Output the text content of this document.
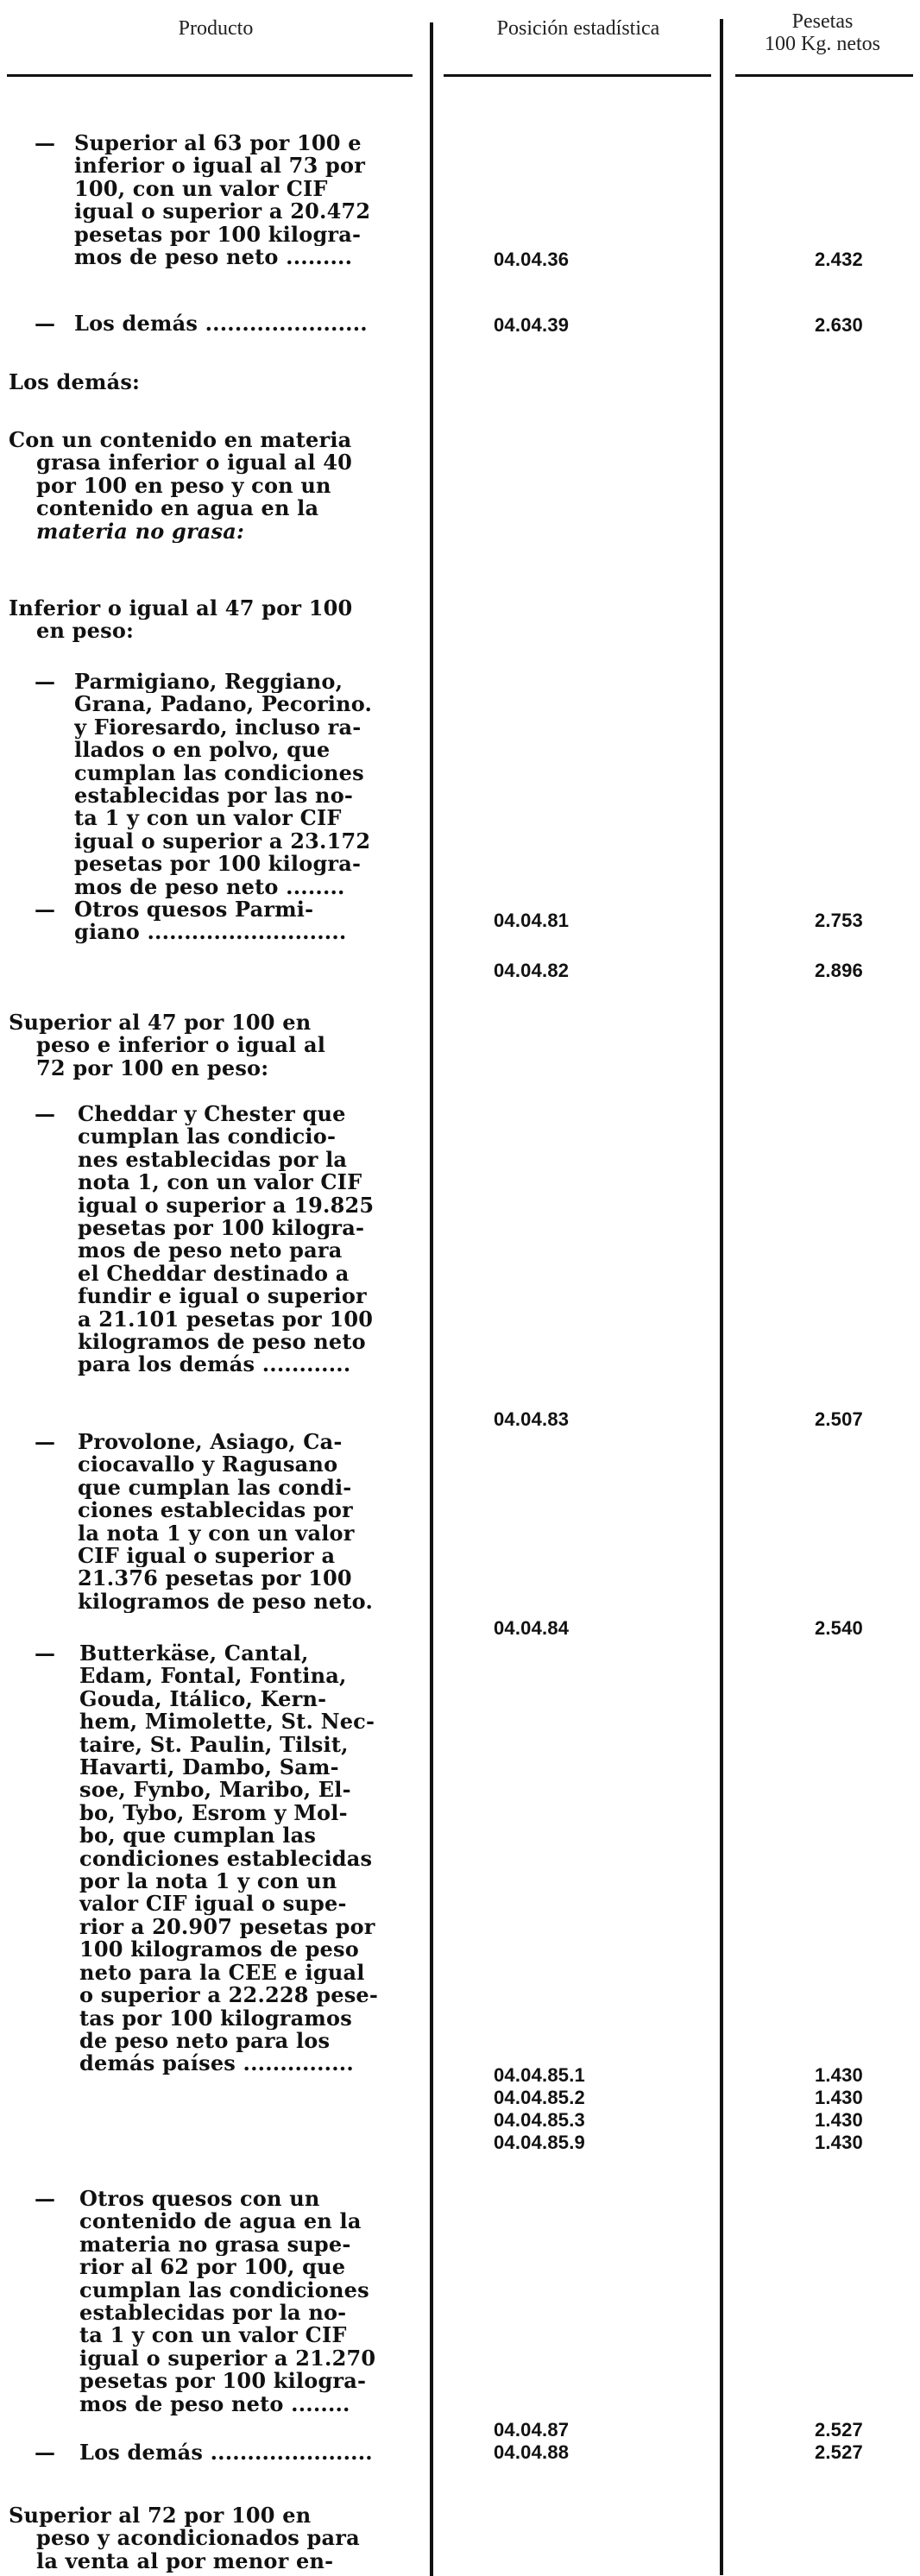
Producto	Posición estadística	Pesetas
100 Kg. netos
— Superior al 63 por 100 e
inferior o igual al 73 por
100, con un valor CIF
igual o superior a 20.472
pesetas por 100 kilogra-
mos de peso neto .........	04.04.36	2.432
— Los demás ......................	04.04.39	2.630
Los demás:
Con un contenido en materia
grasa inferior o igual al 40
por 100 en peso y con un
contenido en agua en la
materia no grasa:
Inferior o igual al 47 por 100
en peso:
— Parmigiano, Reggiano,
Grana, Padano, Pecorino.
y Fioresardo, incluso ra-
llados o en polvo, que
cumplan las condiciones
establecidas por las no-
ta 1 y con un valor CIF
igual o superior a 23.172
pesetas por 100 kilogra-
mos de peso neto ........
04.04.81	2.753
— Otros quesos Parmi-
giano ...........................
04.04.82	2.896
Superior al 47 por 100 en
peso e inferior o igual al
72 por 100 en peso:
— Cheddar y Chester que
cumplan las condicio-
nes establecidas por la
nota 1, con un valor CIF
igual o superior a 19.825
pesetas por 100 kilogra-
mos de peso neto para
el Cheddar destinado a
fundir e igual o superior
a 21.101 pesetas por 100
kilogramos de peso neto
para los demás ............
04.04.83	2.507
— Provolone, Asiago, Ca-
ciocavallo y Ragusano
que cumplan las condi-
ciones establecidas por
la nota 1 y con un valor
CIF igual o superior a
21.376 pesetas por 100
kilogramos de peso neto.
04.04.84	2.540
— Butterkäse, Cantal,
Edam, Fontal, Fontina,
Gouda, Itálico, Kern-
hem, Mimolette, St. Nec-
taire, St. Paulin, Tilsit,
Havarti, Dambo, Sam-
soe, Fynbo, Maribo, El-
bo, Tybo, Esrom y Mol-
bo, que cumplan las
condiciones establecidas
por la nota 1 y con un
valor CIF igual o supe-
rior a 20.907 pesetas por
100 kilogramos de peso
neto para la CEE e igual
o superior a 22.228 pese-
tas por 100 kilogramos
de peso neto para los
demás países ...............	04.04.85.1	1.430
04.04.85.2	1.430
04.04.85.3	1.430
04.04.85.9	1.430
— Otros quesos con un
contenido de agua en la
materia no grasa supe-
rior al 62 por 100, que
cumplan las condiciones
establecidas por la no-
ta 1 y con un valor CIF
igual o superior a 21.270
pesetas por 100 kilogra-
mos de peso neto ........
04.04.87	2.527
— Los demás ......................	04.04.88	2.527
Superior al 72 por 100 en
peso y acondicionados para
la venta al por menor en-
